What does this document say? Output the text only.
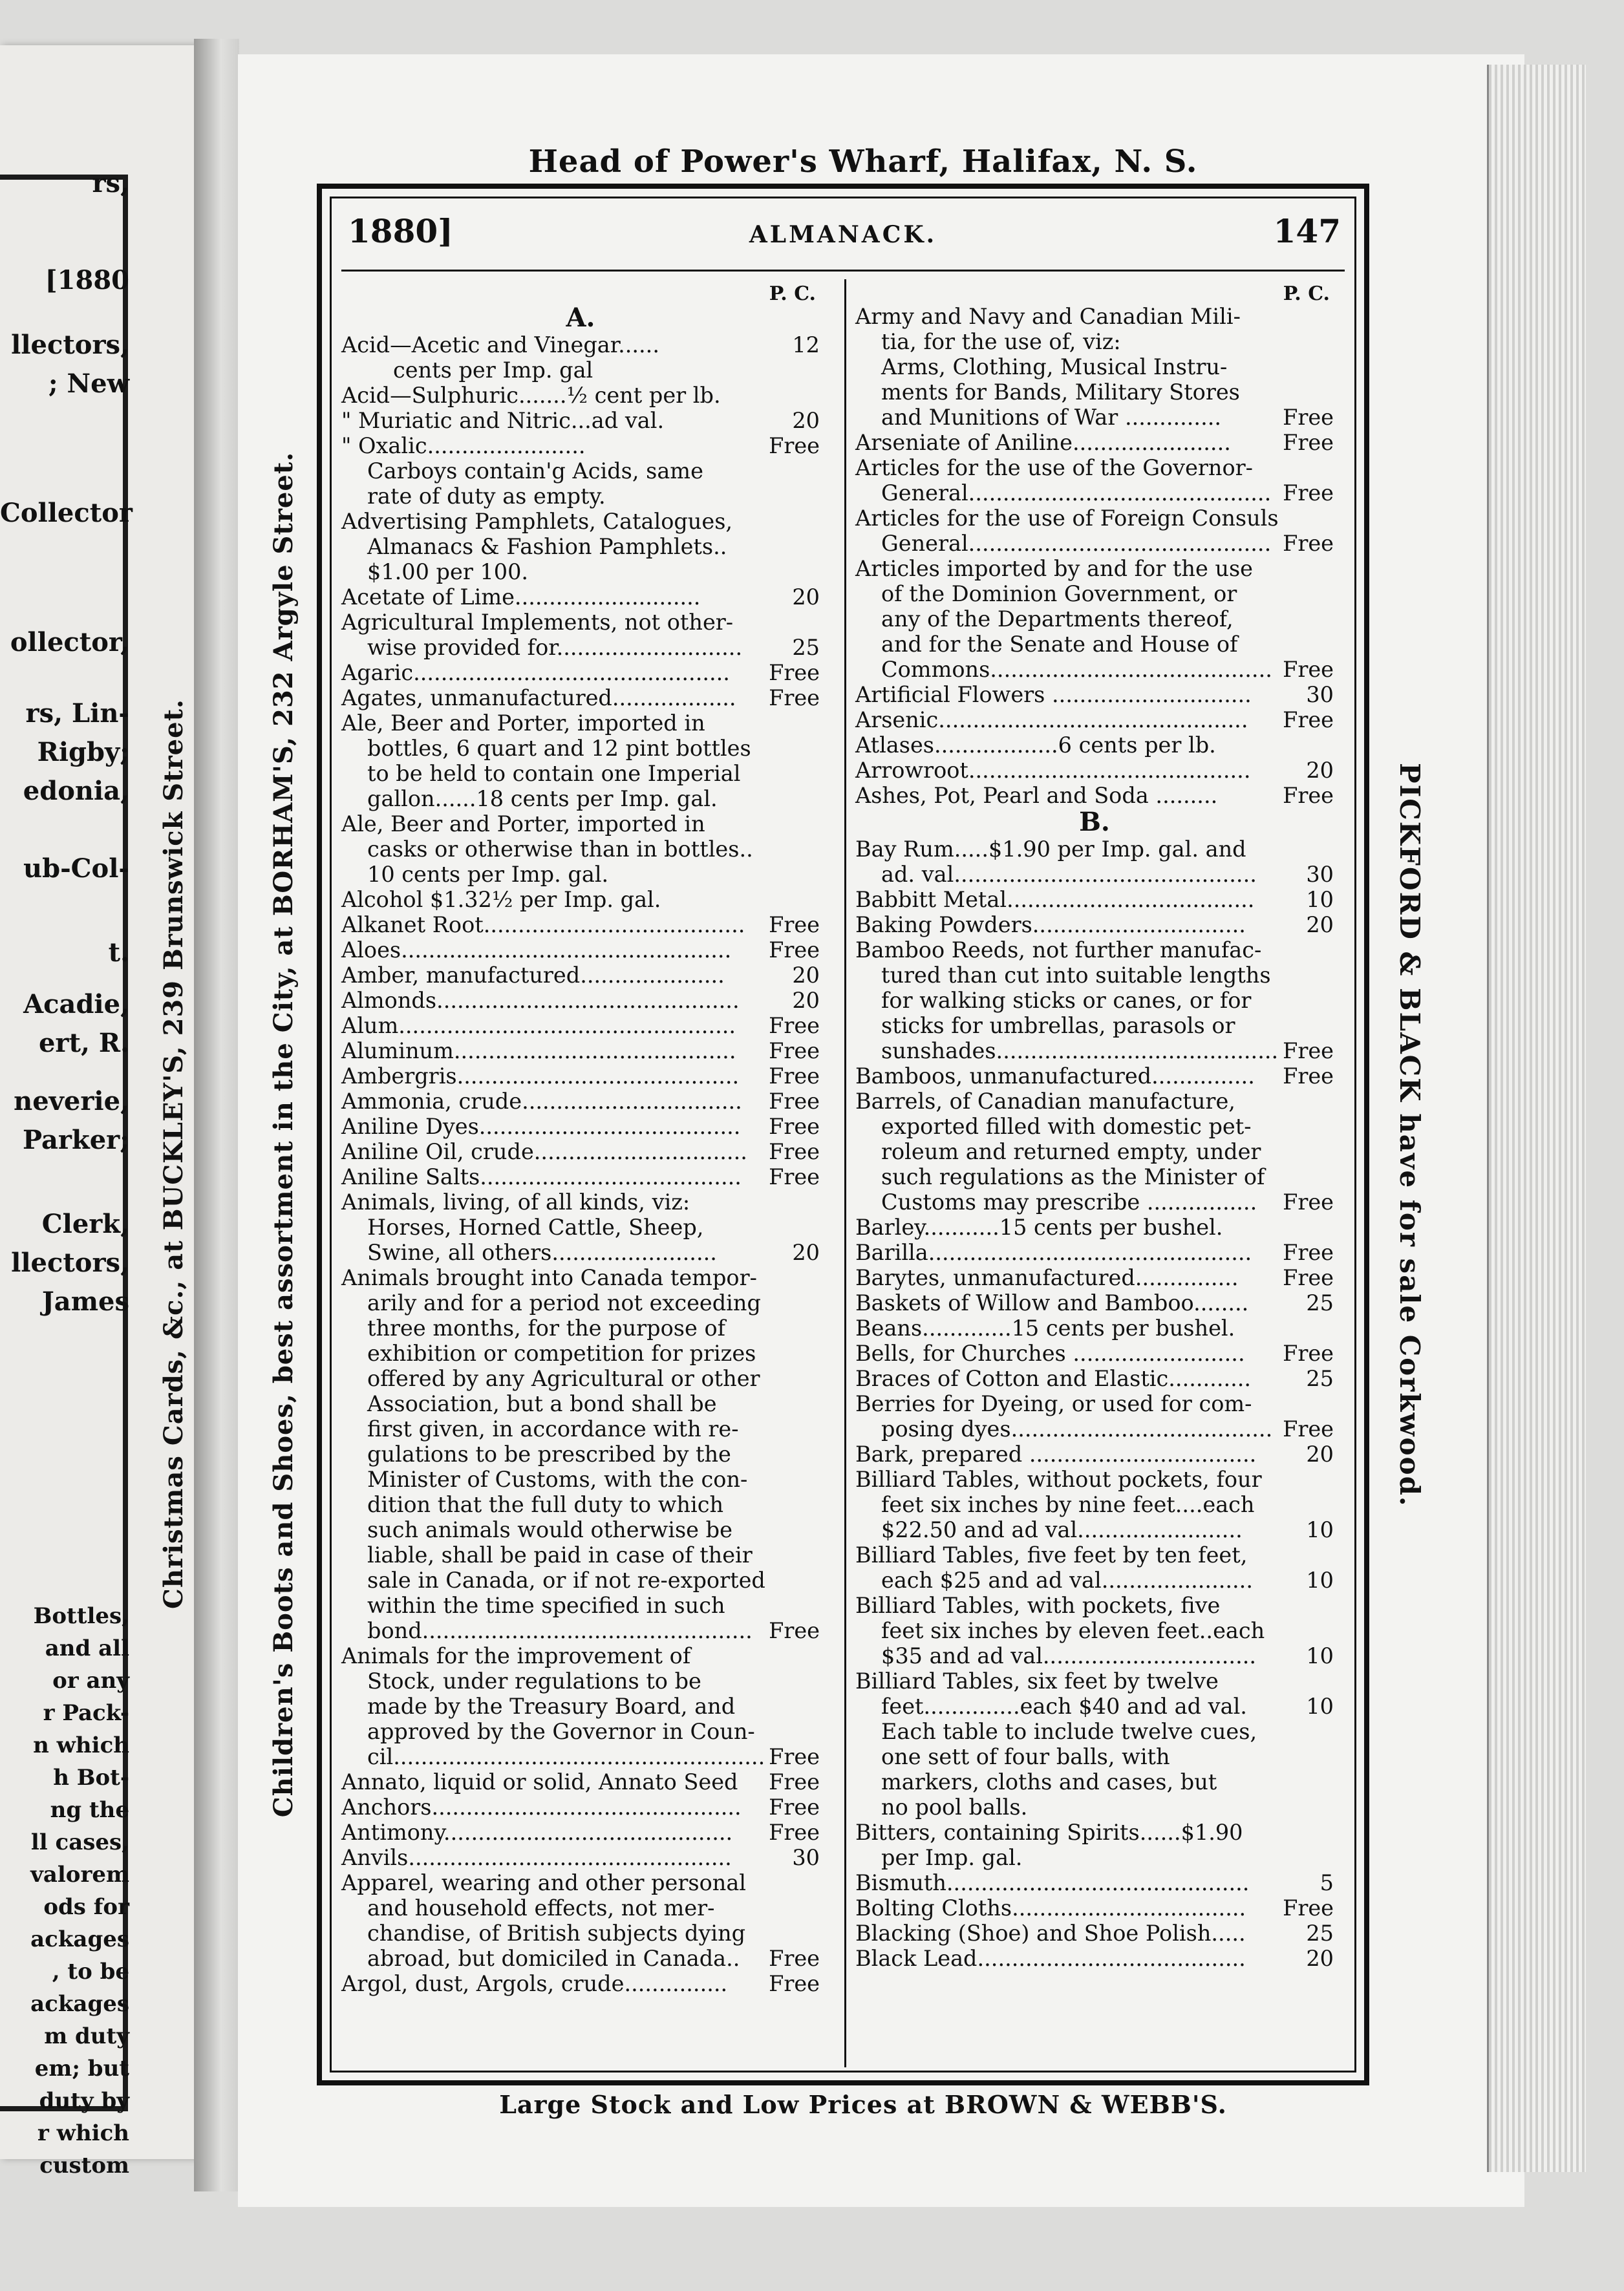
rs,
[1880
llectors,
; New
Collector
ollector,
rs, Lin-
Rigby;
edonia,
ub-Col-
t.
Acadie,
ert, R.
neverie,
Parker;
Clerk,
llectors,
James
Bottles,
and all
or any
r Pack-
n which
h Bot-
ng the
ll cases,
valorem
ods for
ackages
, to be
ackages
m duty
em; but
duty by
r which
custom
Head of Power's Wharf, Halifax, N. S.
Large Stock and Low Prices at BROWN & WEBB'S.
Children's Boots and Shoes, best assortment in the City, at BORHAM'S, 232 Argyle Street.
Christmas Cards, &c., at BUCKLEY'S, 239 Brunswick Street.	PICKFORD & BLACK have for sale Corkwood.
1880]	ALMANACK.	147
P. C.
A.
Acid—Acetic and Vinegar......	12
cents per Imp. gal
Acid—Sulphuric.......½ cent per lb.
" Muriatic and Nitric...ad val.	20
" Oxalic.......................	Free
Carboys contain'g Acids, same
rate of duty as empty.
Advertising Pamphlets, Catalogues,
Almanacs & Fashion Pamphlets..
$1.00 per 100.
Acetate of Lime...........................	20
Agricultural Implements, not other-
wise provided for...........................	25
Agaric..............................................	Free
Agates, unmanufactured..................	Free
Ale, Beer and Porter, imported in
bottles, 6 quart and 12 pint bottles
to be held to contain one Imperial
gallon......18 cents per Imp. gal.
Ale, Beer and Porter, imported in
casks or otherwise than in bottles..
10 cents per Imp. gal.
Alcohol $1.32½ per Imp. gal.
Alkanet Root......................................	Free
Aloes................................................	Free
Amber, manufactured.....................	20
Almonds............................................	20
Alum.................................................	Free
Aluminum.........................................	Free
Ambergris.........................................	Free
Ammonia, crude................................	Free
Aniline Dyes......................................	Free
Aniline Oil, crude............................... Free
Aniline Salts......................................	Free
Animals, living, of all kinds, viz:
Horses, Horned Cattle, Sheep,
Swine, all others........................	20
Animals brought into Canada tempor-
arily and for a period not exceeding
three months, for the purpose of
exhibition or competition for prizes
offered by any Agricultural or other
Association, but a bond shall be
first given, in accordance with re-
gulations to be prescribed by the
Minister of Customs, with the con-
dition that the full duty to which
such animals would otherwise be
liable, shall be paid in case of their
sale in Canada, or if not re-exported
within the time specified in such
bond................................................ Free
Animals for the improvement of
Stock, under regulations to be
made by the Treasury Board, and
approved by the Governor in Coun-
cil...................................................... Free
Annato, liquid or solid, Annato Seed	Free
Anchors.............................................	Free
Antimony..........................................	Free
Anvils...............................................	30
Apparel, wearing and other personal
and household effects, not mer-
chandise, of British subjects dying
abroad, but domiciled in Canada..	Free
Argol, dust, Argols, crude...............	Free
P. C.
Army and Navy and Canadian Mili-
tia, for the use of, viz:
Arms, Clothing, Musical Instru-
ments for Bands, Military Stores
and Munitions of War ..............	Free
Arseniate of Aniline.......................	Free
Articles for the use of the Governor-
General............................................ Free
Articles for the use of Foreign Consuls
General............................................ Free
Articles imported by and for the use
of the Dominion Government, or
any of the Departments thereof,
and for the Senate and House of
Commons......................................... Free
Artificial Flowers .............................	30
Arsenic.............................................	Free
Atlases..................6 cents per lb.
Arrowroot.........................................	20
Ashes, Pot, Pearl and Soda .........	Free
B.
Bay Rum.....$1.90 per Imp. gal. and
ad. val............................................	30
Babbitt Metal....................................	10
Baking Powders...............................	20
Bamboo Reeds, not further manufac-
tured than cut into suitable lengths
for walking sticks or canes, or for
sticks for umbrellas, parasols or
sunshades......................................... Free
Bamboos, unmanufactured...............	Free
Barrels, of Canadian manufacture,
exported filled with domestic pet-
roleum and returned empty, under
such regulations as the Minister of
Customs may prescribe ................	Free
Barley...........15 cents per bushel.
Barilla...............................................	Free
Barytes, unmanufactured...............	Free
Baskets of Willow and Bamboo........	25
Beans.............15 cents per bushel.
Bells, for Churches .........................	Free
Braces of Cotton and Elastic............	25
Berries for Dyeing, or used for com-
posing dyes...................................... Free
Bark, prepared .................................	20
Billiard Tables, without pockets, four
feet six inches by nine feet....each
$22.50 and ad val........................	10
Billiard Tables, five feet by ten feet,
each $25 and ad val......................	10
Billiard Tables, with pockets, five
feet six inches by eleven feet..each
$35 and ad val...............................	10
Billiard Tables, six feet by twelve
feet..............each $40 and ad val.	10
Each table to include twelve cues,
one sett of four balls, with
markers, cloths and cases, but
no pool balls.
Bitters, containing Spirits......$1.90
per Imp. gal.
Bismuth............................................	5
Bolting Cloths..................................	Free
Blacking (Shoe) and Shoe Polish.....	25
Black Lead.......................................	20
